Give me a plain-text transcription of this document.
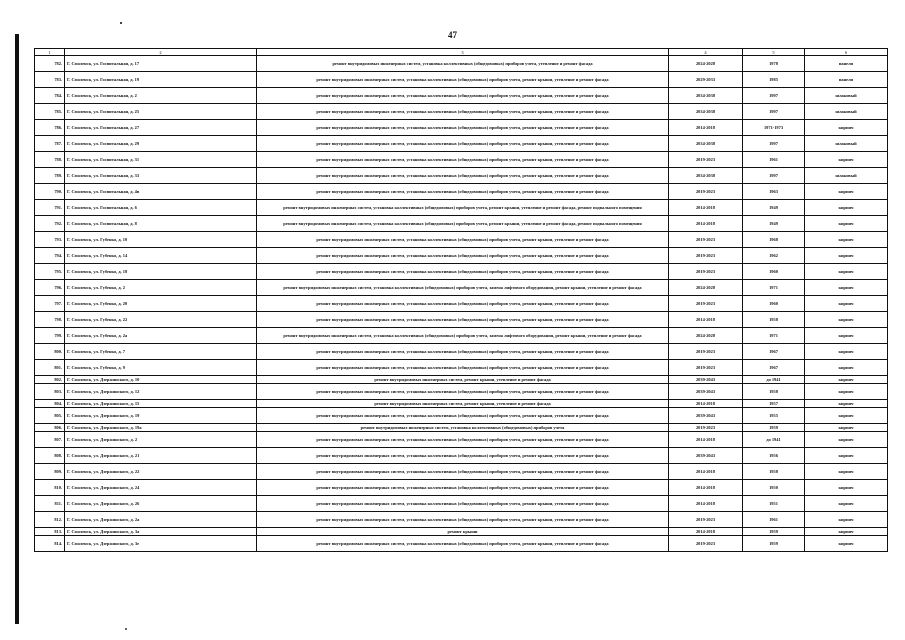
47
1	2	3	4	5	6
782.	Г. Смоленск, ул. Госпитальная, д. 17	ремонт внутридомовых инженерных систем, установка коллективных (общедомовых) приборов учета, утепление и ремонт фасада	2024-2028	1978	панели
783.	Г. Смоленск, ул. Госпитальная, д. 19	ремонт внутридомовых инженерных систем, установка коллективных (общедомовых) приборов учета, ремонт крыши, утепление и ремонт фасада	2029-2033	1985	панели
784.	Г. Смоленск, ул. Госпитальная, д. 2	ремонт внутридомовых инженерных систем, установка коллективных (общедомовых) приборов учета, ремонт крыши, утепление и ремонт фасада	2034-2038	1997	шлаковый
785.	Г. Смоленск, ул. Госпитальная, д. 25	ремонт внутридомовых инженерных систем, установка коллективных (общедомовых) приборов учета, ремонт крыши, утепление и ремонт фасада	2034-2038	1997	шлаковый
786.	Г. Смоленск, ул. Госпитальная, д. 27	ремонт внутридомовых инженерных систем, установка коллективных (общедомовых) приборов учета, ремонт крыши, утепление и ремонт фасада	2014-2018	1971-1973	кирпич
787.	Г. Смоленск, ул. Госпитальная, д. 29	ремонт внутридомовых инженерных систем, установка коллективных (общедомовых) приборов учета, ремонт крыши, утепление и ремонт фасада	2034-2038	1997	шлаковый
788.	Г. Смоленск, ул. Госпитальная, д. 31	ремонт внутридомовых инженерных систем, установка коллективных (общедомовых) приборов учета, ремонт крыши, утепление и ремонт фасада	2019-2023	1961	кирпич
789.	Г. Смоленск, ул. Госпитальная, д. 33	ремонт внутридомовых инженерных систем, установка коллективных (общедомовых) приборов учета, ремонт крыши, утепление и ремонт фасада	2034-2038	1997	шлаковый
790.	Г. Смоленск, ул. Госпитальная, д. 4в	ремонт внутридомовых инженерных систем, установка коллективных (общедомовых) приборов учета, ремонт крыши, утепление и ремонт фасада	2019-2023	1963	кирпич
791.	Г. Смоленск, ул. Госпитальная, д. 6	ремонт внутридомовых инженерных систем, установка коллективных (общедомовых) приборов учета, ремонт крыши, утепление и ремонт фасада, ремонт подвального помещения	2014-2018	1949	кирпич
792.	Г. Смоленск, ул. Госпитальная, д. 8	ремонт внутридомовых инженерных систем, установка коллективных (общедомовых) приборов учета, ремонт крыши, утепление и ремонт фасада, ремонт подвального помещения	2014-2018	1949	кирпич
793.	Г. Смоленск, ул. Губенко, д. 10	ремонт внутридомовых инженерных систем, установка коллективных (общедомовых) приборов учета, ремонт крыши, утепление и ремонт фасада	2019-2023	1968	кирпич
794.	Г. Смоленск, ул. Губенко, д. 14	ремонт внутридомовых инженерных систем, установка коллективных (общедомовых) приборов учета, ремонт крыши, утепление и ремонт фасада	2019-2023	1962	кирпич
795.	Г. Смоленск, ул. Губенко, д. 18	ремонт внутридомовых инженерных систем, установка коллективных (общедомовых) приборов учета, ремонт крыши, утепление и ремонт фасада	2019-2023	1960	кирпич
796.	Г. Смоленск, ул. Губенко, д. 2	ремонт внутридомовых инженерных систем, установка коллективных (общедомовых) приборов учета, замена лифтового оборудования, ремонт крыши, утепление и ремонт фасада	2024-2028	1971	кирпич
797.	Г. Смоленск, ул. Губенко, д. 20	ремонт внутридомовых инженерных систем, установка коллективных (общедомовых) приборов учета, ремонт крыши, утепление и ремонт фасада	2019-2023	1960	кирпич
798.	Г. Смоленск, ул. Губенко, д. 22	ремонт внутридомовых инженерных систем, установка коллективных (общедомовых) приборов учета, ремонт крыши, утепление и ремонт фасада	2014-2018	1958	кирпич
799.	Г. Смоленск, ул. Губенко, д. 2а	ремонт внутридомовых инженерных систем, установка коллективных (общедомовых) приборов учета, замена лифтового оборудования, ремонт крыши, утепление и ремонт фасада	2024-2028	1971	кирпич
800.	Г. Смоленск, ул. Губенко, д. 7	ремонт внутридомовых инженерных систем, установка коллективных (общедомовых) приборов учета, ремонт крыши, утепление и ремонт фасада	2019-2023	1967	кирпич
801.	Г. Смоленск, ул. Губенко, д. 9	ремонт внутридомовых инженерных систем, установка коллективных (общедомовых) приборов учета, ремонт крыши, утепление и ремонт фасада	2019-2023	1967	кирпич
802.	Г. Смоленск, ул. Дзержинского, д. 10	ремонт внутридомовых инженерных систем, ремонт крыши, утепление и ремонт фасада	2039-2043	до 1941	кирпич
803.	Г. Смоленск, ул. Дзержинского, д. 12	ремонт внутридомовых инженерных систем, установка коллективных (общедомовых) приборов учета, ремонт крыши, утепление и ремонт фасада	2039-2043	1958	кирпич
804.	Г. Смоленск, ул. Дзержинского, д. 15	ремонт внутридомовых инженерных систем, ремонт крыши, утепление и ремонт фасада	2014-2018	1957	кирпич
805.	Г. Смоленск, ул. Дзержинского, д. 19	ремонт внутридомовых инженерных систем, установка коллективных (общедомовых) приборов учета, ремонт крыши, утепление и ремонт фасада	2039-2043	1955	кирпич
806.	Г. Смоленск, ул. Дзержинского, д. 19а	ремонт внутридомовых инженерных систем, установка коллективных (общедомовых) приборов учета	2019-2023	1959	кирпич
807.	Г. Смоленск, ул. Дзержинского, д. 2	ремонт внутридомовых инженерных систем, установка коллективных (общедомовых) приборов учета, ремонт крыши, утепление и ремонт фасада	2014-2018	до 1941	кирпич
808.	Г. Смоленск, ул. Дзержинского, д. 21	ремонт внутридомовых инженерных систем, установка коллективных (общедомовых) приборов учета, ремонт крыши, утепление и ремонт фасада	2039-2043	1956	кирпич
809.	Г. Смоленск, ул. Дзержинского, д. 22	ремонт внутридомовых инженерных систем, установка коллективных (общедомовых) приборов учета, ремонт крыши, утепление и ремонт фасада	2014-2018	1958	кирпич
810.	Г. Смоленск, ул. Дзержинского, д. 24	ремонт внутридомовых инженерных систем, установка коллективных (общедомовых) приборов учета, ремонт крыши, утепление и ремонт фасада	2014-2018	1950	кирпич
811.	Г. Смоленск, ул. Дзержинского, д. 26	ремонт внутридомовых инженерных систем, установка коллективных (общедомовых) приборов учета, ремонт крыши, утепление и ремонт фасада	2014-2018	1951	кирпич
812.	Г. Смоленск, ул. Дзержинского, д. 2а	ремонт внутридомовых инженерных систем, установка коллективных (общедомовых) приборов учета, ремонт крыши, утепление и ремонт фасада	2019-2023	1961	кирпич
813.	Г. Смоленск, ул. Дзержинского, д. 3а	ремонт крыши	2014-2018	1959	кирпич
814.	Г. Смоленск, ул. Дзержинского, д. 3е	ремонт внутридомовых инженерных систем, установка коллективных (общедомовых) приборов учета, ремонт крыши, утепление и ремонт фасада	2019-2023	1959	кирпич
